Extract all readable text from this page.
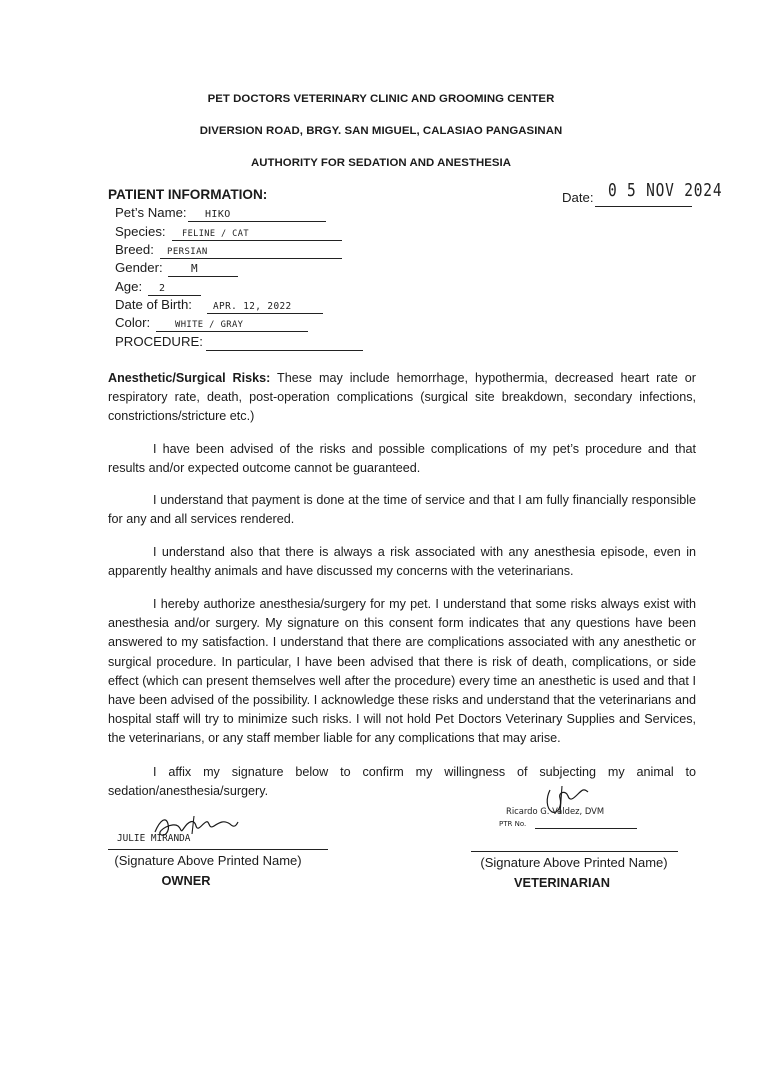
PET DOCTORS VETERINARY CLINIC AND GROOMING CENTER
DIVERSION ROAD, BRGY. SAN MIGUEL, CALASIAO PANGASINAN
AUTHORITY FOR SEDATION AND ANESTHESIA
Date: 0 5 NOV 2024
PATIENT INFORMATION:
Pet’s Name: HIKO
Species: FELINE / CAT
Breed: PERSIAN
Gender:	M
Age: 2
Date of Birth: APR. 12, 2022
Color:	WHITE / GRAY
PROCEDURE:

Anesthetic/Surgical Risks: These may include hemorrhage, hypothermia, decreased heart rate or respiratory rate, death, post-operation complications (surgical site breakdown, secondary infections, constrictions/stricture etc.)

I have been advised of the risks and possible complications of my pet’s procedure and that results and/or expected outcome cannot be guaranteed.

I understand that payment is done at the time of service and that I am fully financially responsible for any and all services rendered.

I understand also that there is always a risk associated with any anesthesia episode, even in apparently healthy animals and have discussed my concerns with the veterinarians.

I hereby authorize anesthesia/surgery for my pet. I understand that some risks always exist with anesthesia and/or surgery. My signature on this consent form indicates that any questions have been answered to my satisfaction. I understand that there are complications associated with any anesthetic or surgical procedure. In particular, I have been advised that there is risk of death, complications, or side effect (which can present themselves well after the procedure) every time an anesthetic is used and that I have been advised of the possibility. I acknowledge these risks and understand that the veterinarians and hospital staff will try to minimize such risks. I will not hold Pet Doctors Veterinary Supplies and Services, the veterinarians, or any staff member liable for any complications that may arise.

I affix my signature below to confirm my willingness of subjecting my animal to sedation/anesthesia/surgery.

JULIE MIRANDA
(Signature Above Printed Name)
OWNER
Ricardo G. Valdez, DVM
PTR No.
(Signature Above Printed Name)
VETERINARIAN
